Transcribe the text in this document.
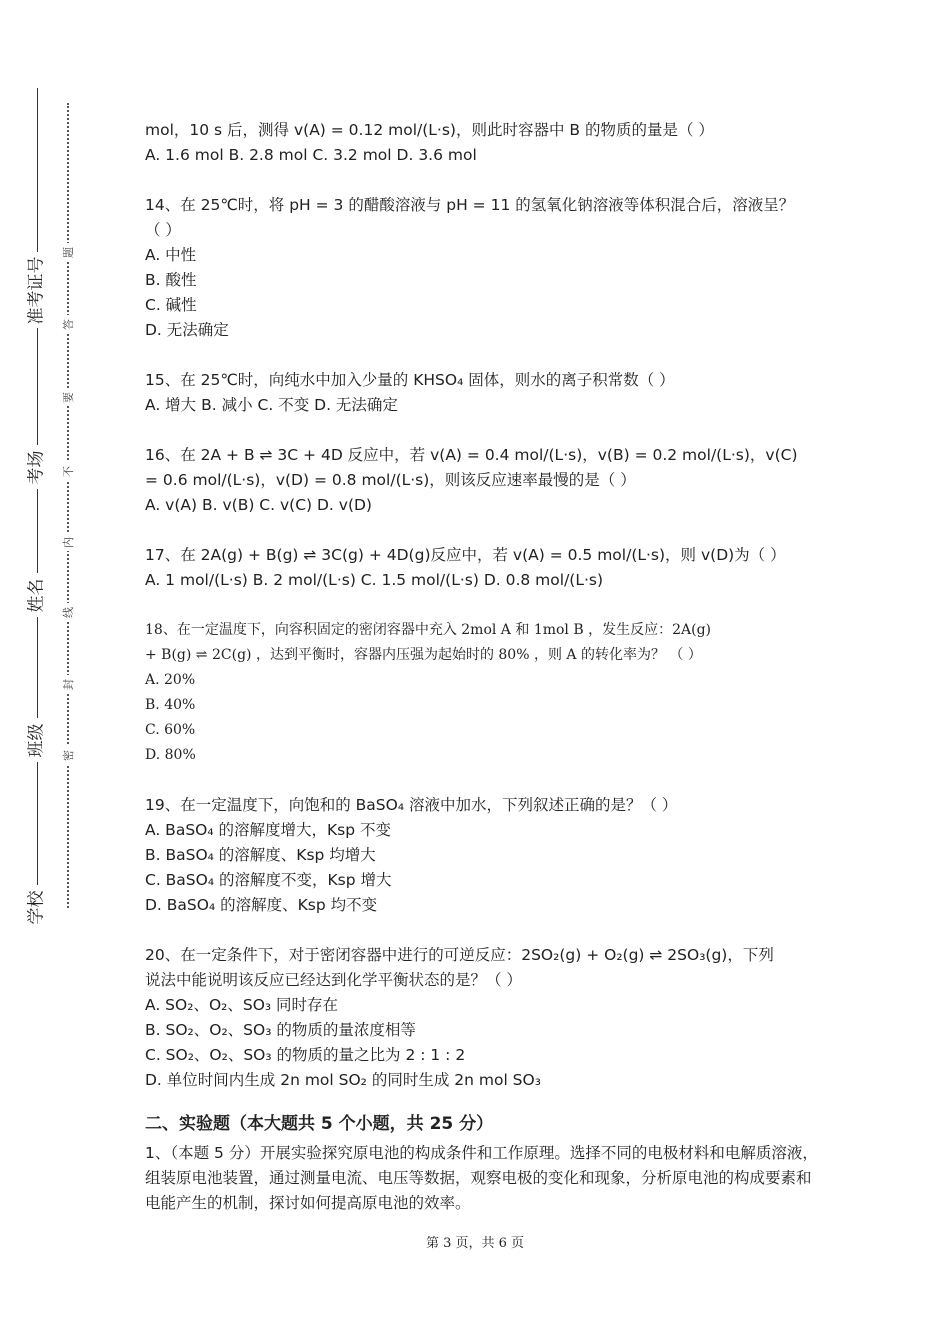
准考证号
考场
姓名
班级
学校
题
答
要
不
内
线
封
密
mol，10 s 后，测得 v(A) = 0.12 mol/(L·s)，则此时容器中 B 的物质的量是（ ）
A. 1.6 mol B. 2.8 mol C. 3.2 mol D. 3.6 mol
14、在 25℃时，将 pH = 3 的醋酸溶液与 pH = 11 的氢氧化钠溶液等体积混合后，溶液呈？
（ ）
A. 中性
B. 酸性
C. 碱性
D. 无法确定
15、在 25℃时，向纯水中加入少量的 KHSO₄ 固体，则水的离子积常数（ ）
A. 增大 B. 减小 C. 不变 D. 无法确定
16、在 2A + B ⇌ 3C + 4D 反应中，若 v(A) = 0.4 mol/(L·s)，v(B) = 0.2 mol/(L·s)，v(C)
= 0.6 mol/(L·s)，v(D) = 0.8 mol/(L·s)，则该反应速率最慢的是（ ）
A. v(A) B. v(B) C. v(C) D. v(D)
17、在 2A(g) + B(g) ⇌ 3C(g) + 4D(g)反应中，若 v(A) = 0.5 mol/(L·s)，则 v(D)为（ ）
A. 1 mol/(L·s) B. 2 mol/(L·s) C. 1.5 mol/(L·s) D. 0.8 mol/(L·s)
18、在一定温度下，向容积固定的密闭容器中充入 2mol A 和 1mol B ，发生反应：2A(g)
+ B(g) ⇌ 2C(g) ，达到平衡时，容器内压强为起始时的 80% ，则 A 的转化率为？ （ ）
A. 20%
B. 40%
C. 60%
D. 80%
19、在一定温度下，向饱和的 BaSO₄ 溶液中加水，下列叙述正确的是？（ ）
A. BaSO₄ 的溶解度增大，Ksp 不变
B. BaSO₄ 的溶解度、Ksp 均增大
C. BaSO₄ 的溶解度不变，Ksp 增大
D. BaSO₄ 的溶解度、Ksp 均不变
20、在一定条件下，对于密闭容器中进行的可逆反应：2SO₂(g) + O₂(g) ⇌ 2SO₃(g)，下列
说法中能说明该反应已经达到化学平衡状态的是？（ ）
A. SO₂、O₂、SO₃ 同时存在
B. SO₂、O₂、SO₃ 的物质的量浓度相等
C. SO₂、O₂、SO₃ 的物质的量之比为 2 : 1 : 2
D. 单位时间内生成 2n mol SO₂ 的同时生成 2n mol SO₃
二、实验题（本大题共 5 个小题，共 25 分）
1、（本题 5 分）开展实验探究原电池的构成条件和工作原理。选择不同的电极材料和电解质溶液，组装原电池装置，通过测量电流、电压等数据，观察电极的变化和现象，分析原电池的构成要素和电能产生的机制，探讨如何提高原电池的效率。
第 3 页，共 6 页
